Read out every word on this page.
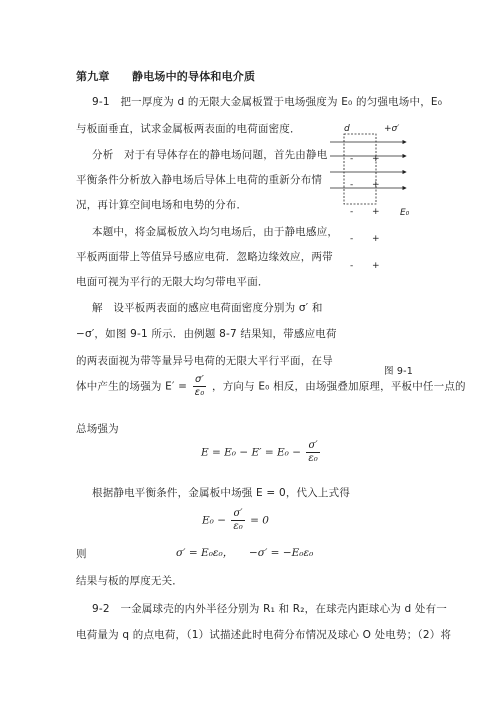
第九章　　静电场中的导体和电介质
9-1　把一厚度为 d 的无限大金属板置于电场强度为 E₀ 的匀强电场中，E₀
与板面垂直，试求金属板两表面的电荷面密度．
分析　对于有导体存在的静电场问题，首先由静电
平衡条件分析放入静电场后导体上电荷的重新分布情
况，再计算空间电场和电势的分布．
本题中，将金属板放入均匀电场后，由于静电感应，
平板两面带上等值异号感应电荷．忽略边缘效应，两带
电面可视为平行的无限大均匀带电平面．
解　设平板两表面的感应电荷面密度分别为 σ′ 和
−σ′，如图 9-1 所示．由例题 8-7 结果知，带感应电荷
的两表面视为带等量异号电荷的无限大平行平面，在导
体中产生的场强为 $E' = \frac{\sigma'}{\text{ε₀}}$ ，方向与 E₀ 相反，由场强叠加原理，平板中任一点的
总场强为
$E = E_0 - E' = E_0 - \frac{\sigma'}{\text{ε₀}}$
根据静电平衡条件，金属板中场强 E = 0，代入上式得
$E_0 - \frac{\sigma'}{\text{ε₀}} = 0$
则	σ′ = E₀ε₀，　　−σ′ = −E₀ε₀
结果与板的厚度无关．
9-2　一金属球壳的内外半径分别为 R₁ 和 R₂，在球壳内距球心为 d 处有一
电荷量为 q 的点电荷，（1）试描述此时电荷分布情况及球心 O 处电势；（2）将
d	+σ′
- +
- +
- +
- +
- +
E₀
图 9-1
